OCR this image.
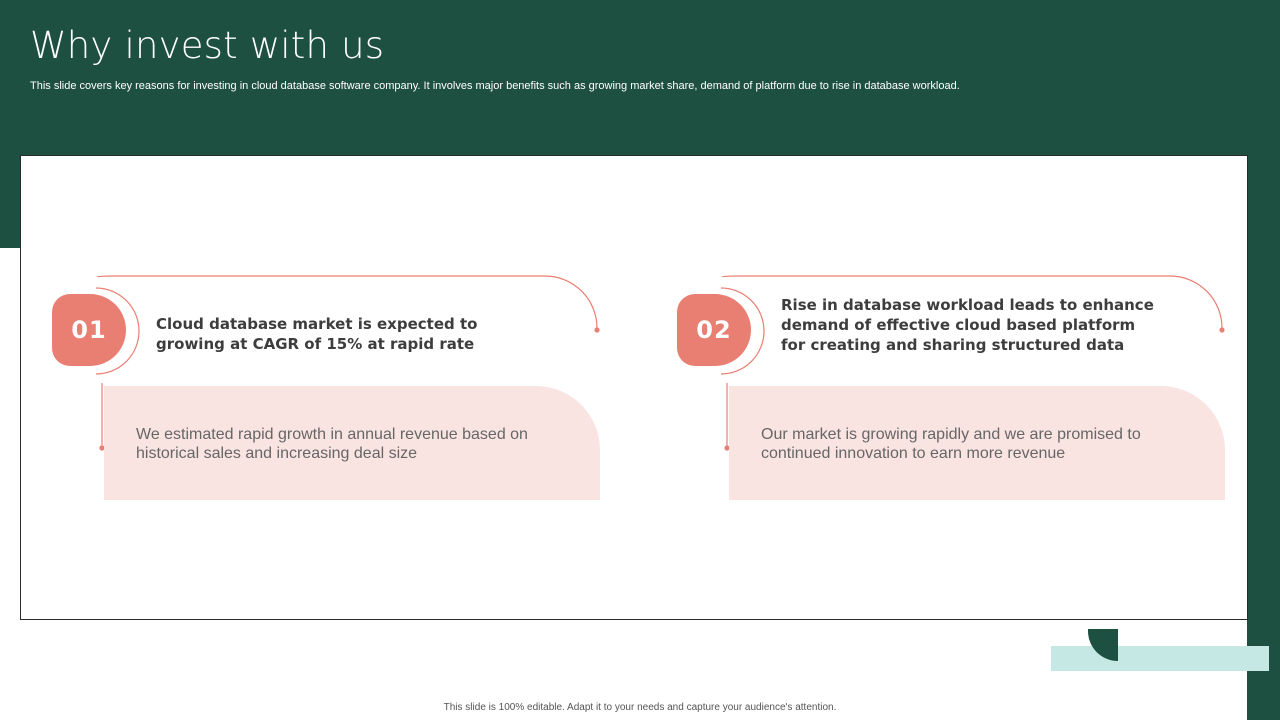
Why invest with us
This slide covers key reasons for investing in cloud database software company. It involves major benefits such as growing market share, demand of platform due to rise in database workload.
01	Cloud database market is expected to growing at CAGR of 15% at rapid rate
We estimated rapid growth in annual revenue based on historical sales and increasing deal size
02
Rise in database workload leads to enhance demand of effective cloud based platform for creating and sharing structured data
Our market is growing rapidly and we are promised to continued innovation to earn more revenue
This slide is 100% editable. Adapt it to your needs and capture your audience's attention.
